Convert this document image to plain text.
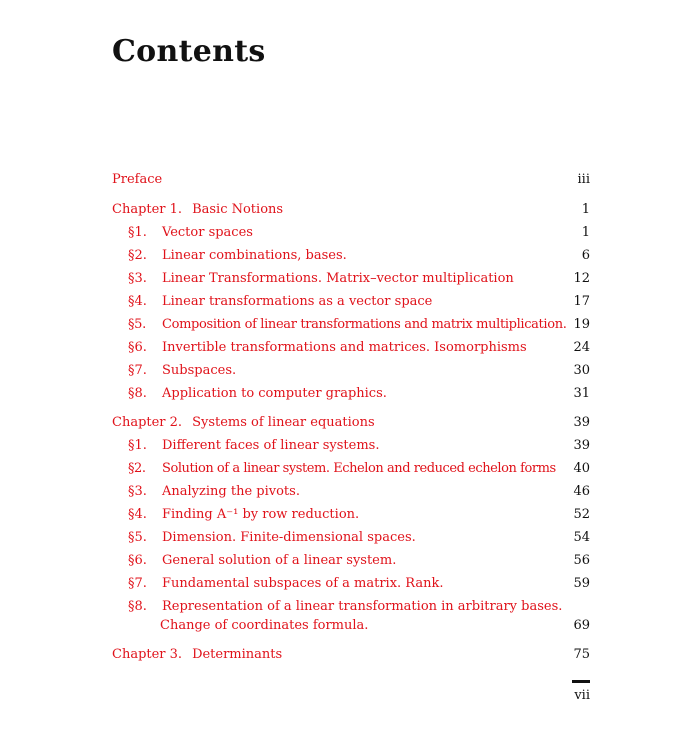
Contents
Preface	iii
Chapter 1. Basic Notions	1
§1. Vector spaces	1
§2. Linear combinations, bases.	6
§3. Linear Transformations. Matrix–vector multiplication	12
§4. Linear transformations as a vector space	17
§5. Composition of linear transformations and matrix multiplication. 19
§6. Invertible transformations and matrices. Isomorphisms	24
§7. Subspaces.	30
§8. Application to computer graphics.	31
Chapter 2. Systems of linear equations	39
§1. Different faces of linear systems.	39
§2. Solution of a linear system. Echelon and reduced echelon forms 40
§3. Analyzing the pivots.	46
§4. Finding A⁻¹ by row reduction.	52
§5. Dimension. Finite-dimensional spaces.	54
§6. General solution of a linear system.	56
§7. Fundamental subspaces of a matrix. Rank.	59
§8. Representation of a linear transformation in arbitrary bases.
Change of coordinates formula.	69
Chapter 3. Determinants	75
vii
